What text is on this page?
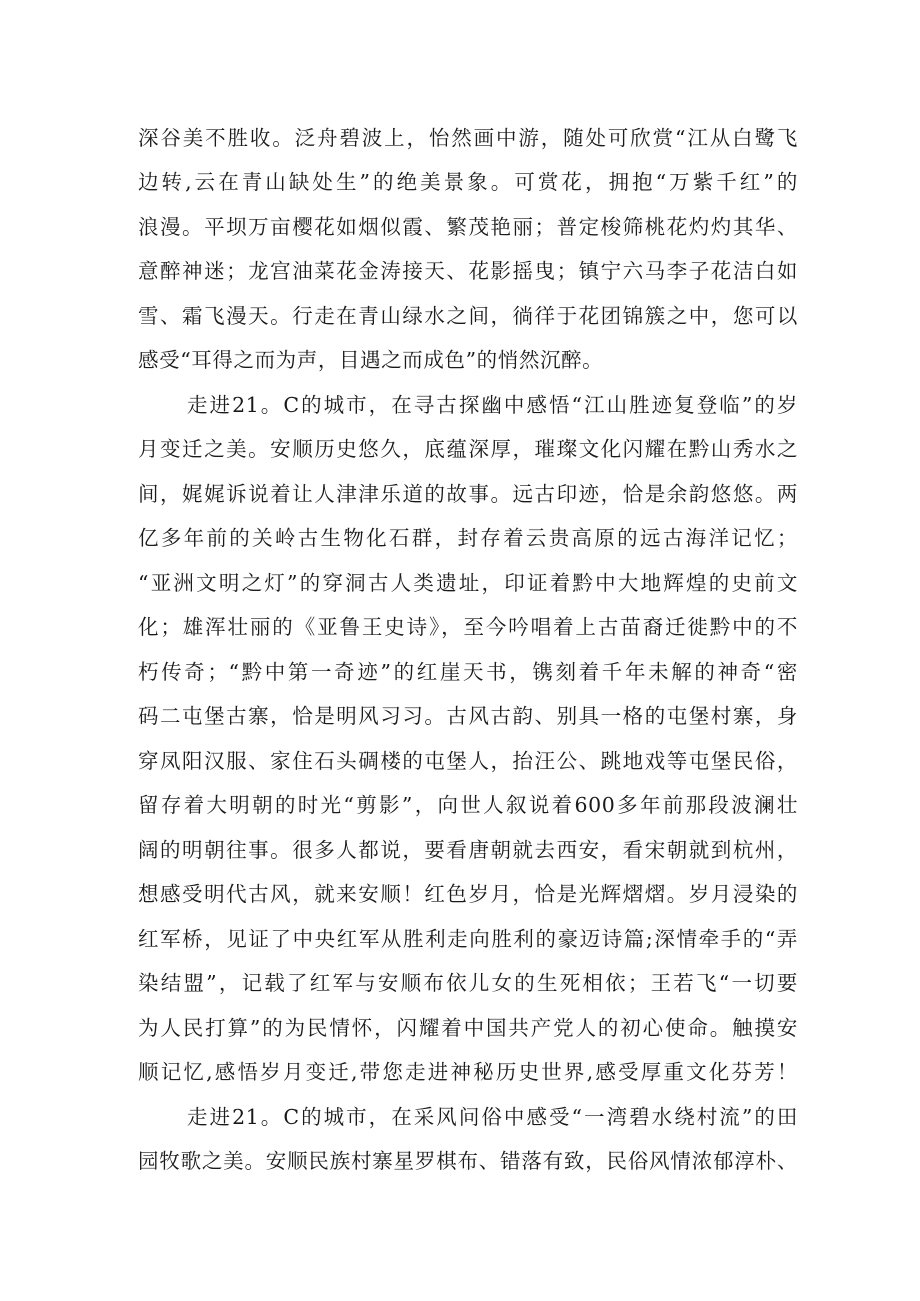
深谷美不胜收。泛舟碧波上，怡然画中游，随处可欣赏“江从白鹭飞
边转,云在青山缺处生”的绝美景象。可赏花，拥抱“万紫千红”的
浪漫。平坝万亩樱花如烟似霞、繁茂艳丽；普定梭筛桃花灼灼其华、
意醉神迷；龙宫油菜花金涛接天、花影摇曳；镇宁六马李子花洁白如
雪、霜飞漫天。行走在青山绿水之间，徜徉于花团锦簇之中，您可以
感受“耳得之而为声，目遇之而成色”的悄然沉醉。
走进21。C的城市，在寻古探幽中感悟“江山胜迹复登临”的岁
月变迁之美。安顺历史悠久，底蕴深厚，璀璨文化闪耀在黔山秀水之
间，娓娓诉说着让人津津乐道的故事。远古印迹，恰是余韵悠悠。两
亿多年前的关岭古生物化石群，封存着云贵高原的远古海洋记忆；
“亚洲文明之灯”的穿洞古人类遗址，印证着黔中大地辉煌的史前文
化；雄浑壮丽的《亚鲁王史诗》，至今吟唱着上古苗裔迁徙黔中的不
朽传奇；“黔中第一奇迹”的红崖天书，镌刻着千年未解的神奇“密
码二屯堡古寨，恰是明风习习。古风古韵、别具一格的屯堡村寨，身
穿凤阳汉服、家住石头碉楼的屯堡人，抬汪公、跳地戏等屯堡民俗，
留存着大明朝的时光“剪影”，向世人叙说着600多年前那段波澜壮
阔的明朝往事。很多人都说，要看唐朝就去西安，看宋朝就到杭州，
想感受明代古风，就来安顺！红色岁月，恰是光辉熠熠。岁月浸染的
红军桥，见证了中央红军从胜利走向胜利的豪迈诗篇;深情牵手的“弄
染结盟”，记载了红军与安顺布依儿女的生死相依；王若飞“一切要
为人民打算”的为民情怀，闪耀着中国共产党人的初心使命。触摸安
顺记忆,感悟岁月变迁,带您走进神秘历史世界,感受厚重文化芬芳！
走进21。C的城市，在采风问俗中感受“一湾碧水绕村流”的田
园牧歌之美。安顺民族村寨星罗棋布、错落有致，民俗风情浓郁淳朴、
